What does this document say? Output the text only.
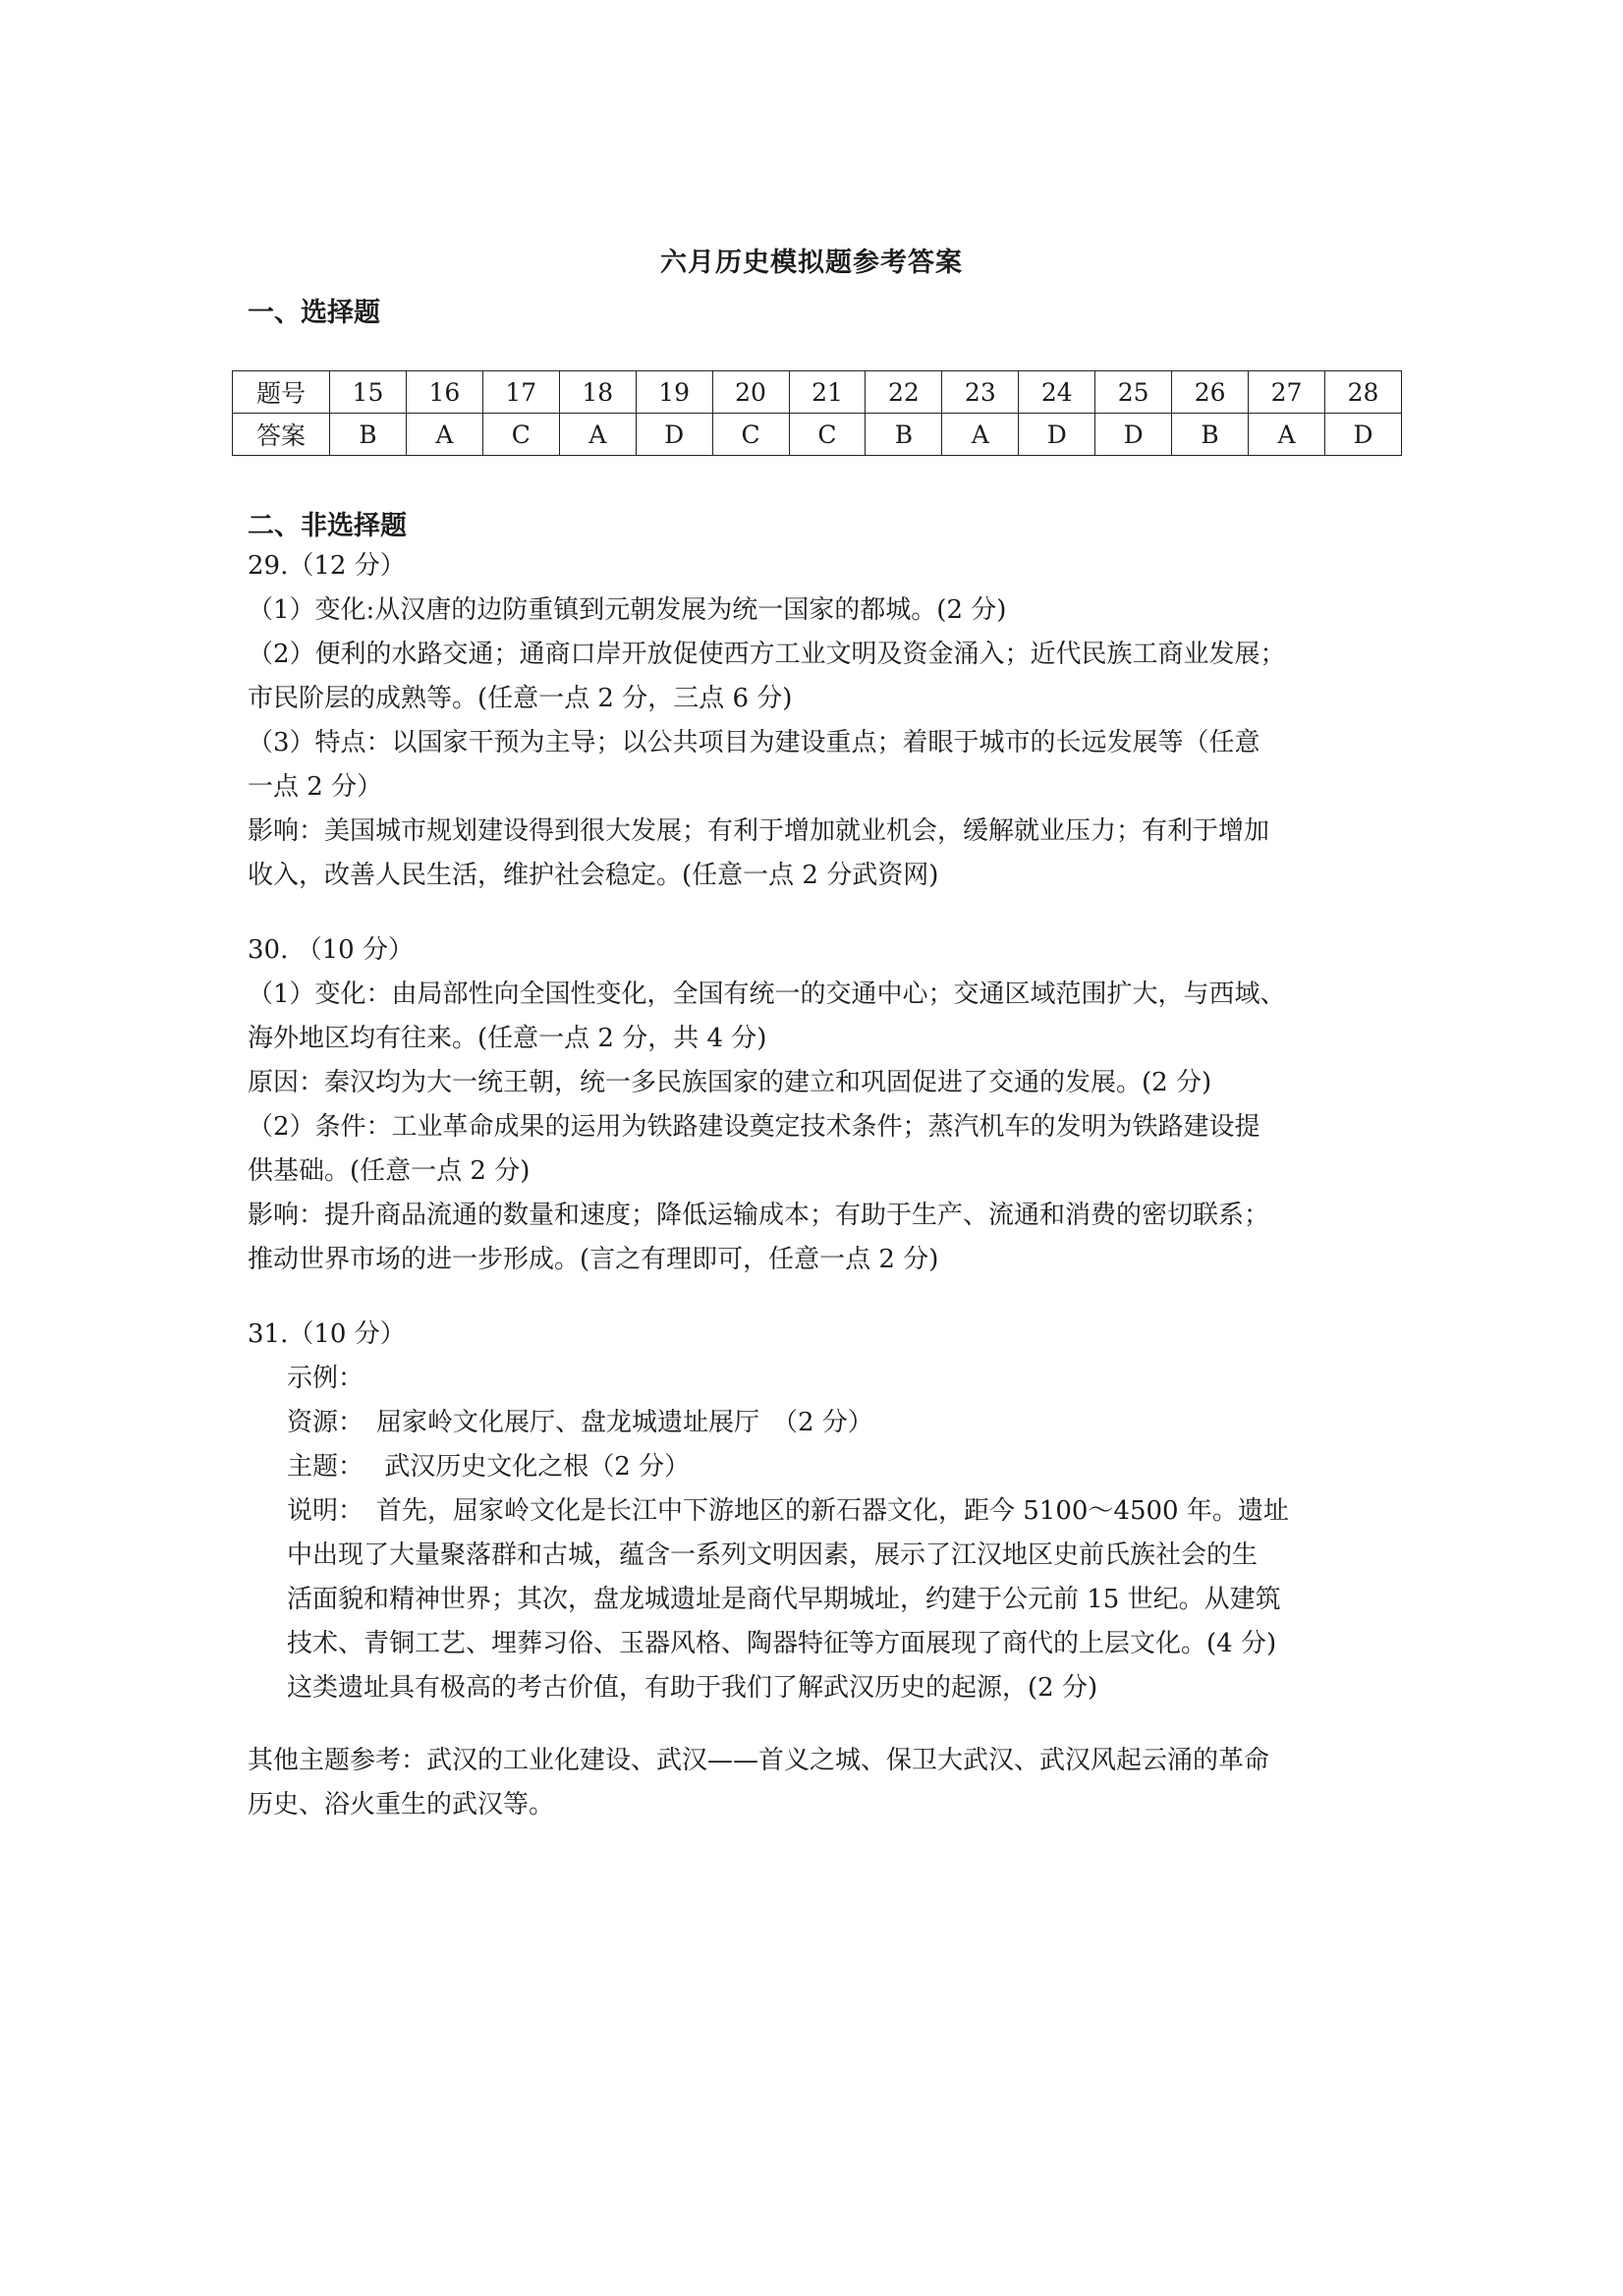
六月历史模拟题参考答案
一、选择题
题号	15	16	17	18	19	20	21	22	23	24	25	26	27	28
答案	B	A	C	A	D	C	C	B	A	D	D	B	A	D
二、非选择题

29.（12 分）

（1）变化:从汉唐的边防重镇到元朝发展为统一国家的都城。(2 分)

（2）便利的水路交通；通商口岸开放促使西方工业文明及资金涌入；近代民族工商业发展；

市民阶层的成熟等。(任意一点 2 分，三点 6 分)

（3）特点：以国家干预为主导；以公共项目为建设重点；着眼于城市的长远发展等（任意

一点 2 分）

影响：美国城市规划建设得到很大发展；有利于增加就业机会，缓解就业压力；有利于增加

收入，改善人民生活，维护社会稳定。(任意一点 2 分武资网)

30. （10 分）

（1）变化：由局部性向全国性变化，全国有统一的交通中心；交通区域范围扩大，与西域、

海外地区均有往来。(任意一点 2 分，共 4 分)

原因：秦汉均为大一统王朝，统一多民族国家的建立和巩固促进了交通的发展。(2 分)

（2）条件：工业革命成果的运用为铁路建设奠定技术条件；蒸汽机车的发明为铁路建设提

供基础。(任意一点 2 分)

影响：提升商品流通的数量和速度；降低运输成本；有助于生产、流通和消费的密切联系；

推动世界市场的进一步形成。(言之有理即可，任意一点 2 分)

31.（10 分）

示例：

资源：　屈家岭文化展厅、盘龙城遗址展厅　（2 分）

主题：　 武汉历史文化之根（2 分）

说明：　首先，屈家岭文化是长江中下游地区的新石器文化，距今 5100～4500 年。遗址

中出现了大量聚落群和古城，蕴含一系列文明因素，展示了江汉地区史前氏族社会的生

活面貌和精神世界；其次，盘龙城遗址是商代早期城址，约建于公元前 15 世纪。从建筑

技术、青铜工艺、埋葬习俗、玉器风格、陶器特征等方面展现了商代的上层文化。(4 分)

这类遗址具有极高的考古价值，有助于我们了解武汉历史的起源，(2 分)

其他主题参考：武汉的工业化建设、武汉——首义之城、保卫大武汉、武汉风起云涌的革命

历史、浴火重生的武汉等。
